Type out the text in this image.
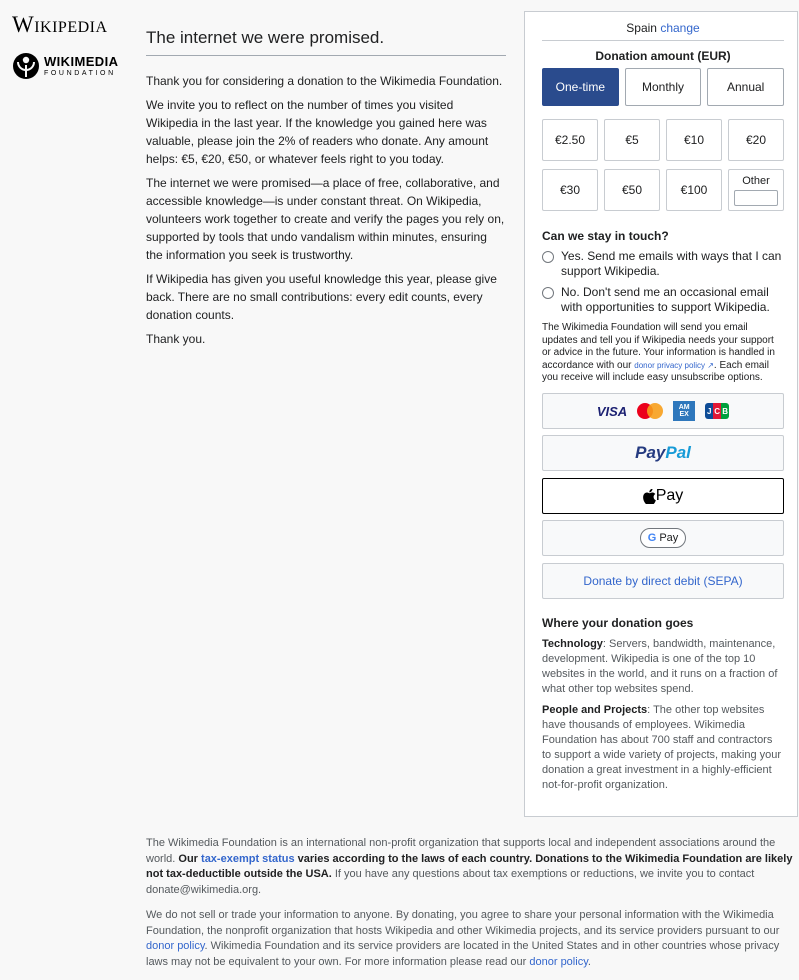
Wikipedia
WIKIMEDIA
FOUNDATION
The internet we were promised.

Thank you for considering a donation to the Wikimedia Foundation.

We invite you to reflect on the number of times you visited Wikipedia in the last year. If the knowledge you gained here was valuable, please join the 2% of readers who donate. Any amount helps: €5, €20, €50, or whatever feels right to you today.

The internet we were promised—a place of free, collaborative, and accessible knowledge—is under constant threat. On Wikipedia, volunteers work together to create and verify the pages you rely on, supported by tools that undo vandalism within minutes, ensuring the information you seek is trustworthy.

If Wikipedia has given you useful knowledge this year, please give back. There are no small contributions: every edit counts, every donation counts.

Thank you.

Spain change
Donation amount (EUR)
One-time	Monthly	Annual
€2.50	€5	€10	€20
€30	€50	€100
Other
Can we stay in touch?
Yes. Send me emails with ways that I can support Wikipedia.
No. Don't send me an occasional email with opportunities to support Wikipedia.
The Wikimedia Foundation will send you email updates and tell you if Wikipedia needs your support or advice in the future. Your information is handled in accordance with our donor privacy policy ↗. Each email you receive will include easy unsubscribe options.
VISA	AM EX	J C B
Pay Pal
Pay
G Pay
Donate by direct debit (SEPA)
Where your donation goes
Technology: Servers, bandwidth, maintenance, development. Wikipedia is one of the top 10 websites in the world, and it runs on a fraction of what other top websites spend.
People and Projects: The other top websites have thousands of employees. Wikimedia Foundation has about 700 staff and contractors to support a wide variety of projects, making your donation a great investment in a highly-efficient not-for-profit organization.

The Wikimedia Foundation is an international non-profit organization that supports local and independent associations around the world. Our tax-exempt status varies according to the laws of each country. Donations to the Wikimedia Foundation are likely not tax-deductible outside the USA. If you have any questions about tax exemptions or reductions, we invite you to contact donate@wikimedia.org.

We do not sell or trade your information to anyone. By donating, you agree to share your personal information with the Wikimedia Foundation, the nonprofit organization that hosts Wikipedia and other Wikimedia projects, and its service providers pursuant to our donor policy. Wikimedia Foundation and its service providers are located in the United States and in other countries whose privacy laws may not be equivalent to your own. For more information please read our donor policy.
